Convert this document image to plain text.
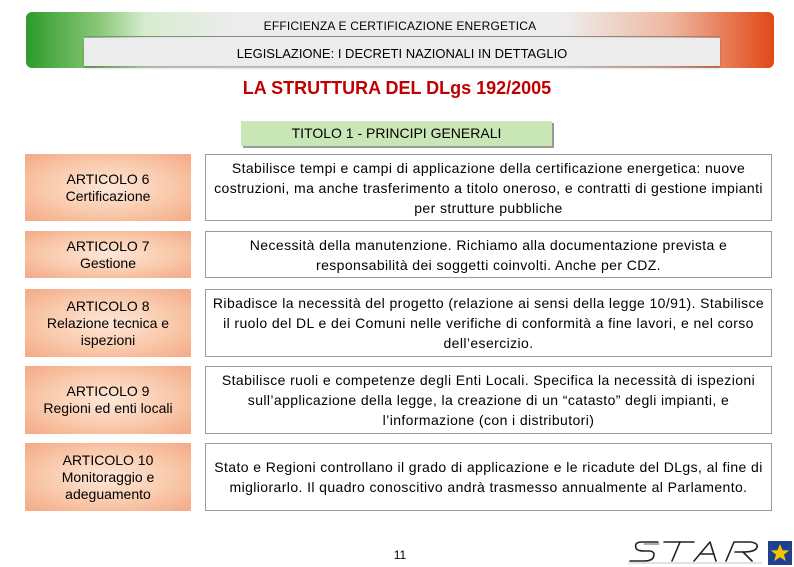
EFFICIENZA E CERTIFICAZIONE ENERGETICA
LEGISLAZIONE: I DECRETI NAZIONALI IN DETTAGLIO
LA STRUTTURA DEL DLgs 192/2005
TITOLO 1 - PRINCIPI GENERALI
ARTICOLO 6
Certificazione
Stabilisce tempi e campi di applicazione della certificazione energetica: nuove costruzioni, ma anche trasferimento a titolo oneroso, e contratti di gestione impianti per strutture pubbliche
ARTICOLO 7
Gestione
Necessità della manutenzione. Richiamo alla documentazione prevista e responsabilità dei soggetti coinvolti. Anche per CDZ.
ARTICOLO 8
Relazione tecnica e ispezioni
Ribadisce la necessità del progetto (relazione ai sensi della legge 10/91). Stabilisce il ruolo del DL e dei Comuni nelle verifiche di conformità a fine lavori, e nel corso dell’esercizio.
ARTICOLO 9
Regioni ed enti locali
Stabilisce ruoli e competenze degli Enti Locali. Specifica la necessità di ispezioni sull’applicazione della legge, la creazione di un “catasto” degli impianti, e l’informazione (con i distributori)
ARTICOLO 10
Monitoraggio e adeguamento
Stato e Regioni controllano il grado di applicazione e le ricadute del DLgs, al fine di migliorarlo. Il quadro conoscitivo andrà trasmesso annualmente al Parlamento.
11
